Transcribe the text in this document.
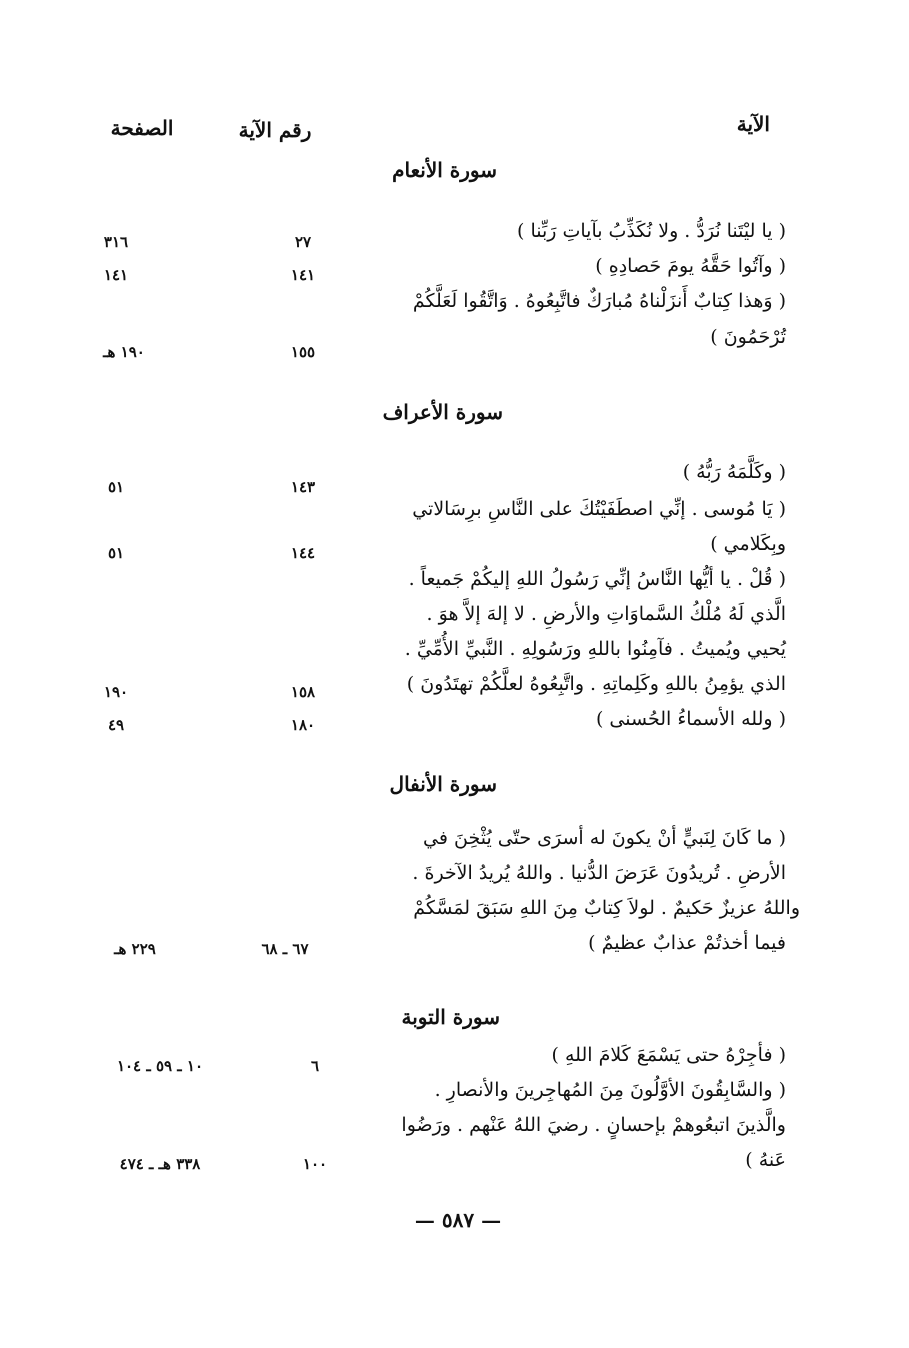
الآية
رقم الآية
الصفحة
سورة الأنعام
( يا ليْتَنا نُرَدُّ . ولا نُكَذِّبُ بآياتِ رَبِّنا )
( وآتُوا حَقَّهُ يومَ حَصادِهِ )
( وَهذا كِتابٌ أَنزَلْناهُ مُبارَكٌ فاتَّبِعُوهُ . وَاتَّقُوا لَعَلَّكُمْ
تُرْحَمُونَ )
٢٧
١٤١
١٥٥
٣١٦
١٤١
١٩٠ هـ
سورة الأعراف
( وكَلَّمَهُ رَبُّهُ )
( يَا مُوسى . إنِّي اصطَفَيْتُكَ على النَّاسِ برِسَالاتي
وبِكَلامي )
( قُلْ . يا أيُّها النَّاسُ إنِّي رَسُولُ اللهِ إليكُمْ جَميعاً .
الَّذي لَهُ مُلْكُ السَّماوَاتِ والأرضِ . لا إلهَ إلاَّ هوَ .
يُحيي ويُميتُ . فآمِنُوا باللهِ ورَسُولِهِ . النَّبيِّ الأُمِّيِّ .
الذي يؤمِنُ باللهِ وكَلِماتِهِ . واتَّبِعُوهُ لعلَّكُمْ تهتَدُونَ )
( ولله الأسماءُ الحُسنى )
١٤٣
١٤٤
١٥٨
١٨٠
٥١
٥١
١٩٠
٤٩
سورة الأنفال
( ما كَانَ لِنَبيٍّ أنْ يكونَ له أسرَى حتّى يُثْخِنَ في
الأرضِ . تُريدُونَ عَرَضَ الدُّنيا . واللهُ يُريدُ الآخرةَ .
واللهُ عزيزٌ حَكيمٌ . لولاَ كِتابٌ مِنَ اللهِ سَبَقَ لمَسَّكُمْ
فيما أخذتُمْ عذابٌ عظيمٌ )
٦٧ ـ ٦٨
٢٢٩ هـ
سورة التوبة
( فأجِرْهُ حتى يَسْمَعَ كَلامَ اللهِ )
( والسَّابِقُونَ الأوَّلُونَ مِنَ المُهاجِرينَ والأنصارِ .
والَّذينَ اتبعُوهمْ بإحسانٍ . رضيَ اللهُ عَنْهم . ورَضُوا
عَنهُ )
٦
١٠٠
١٠ ـ ٥٩ ـ ١٠٤
٣٣٨ هـ ـ ٤٧٤
— ٥٨٧ —
